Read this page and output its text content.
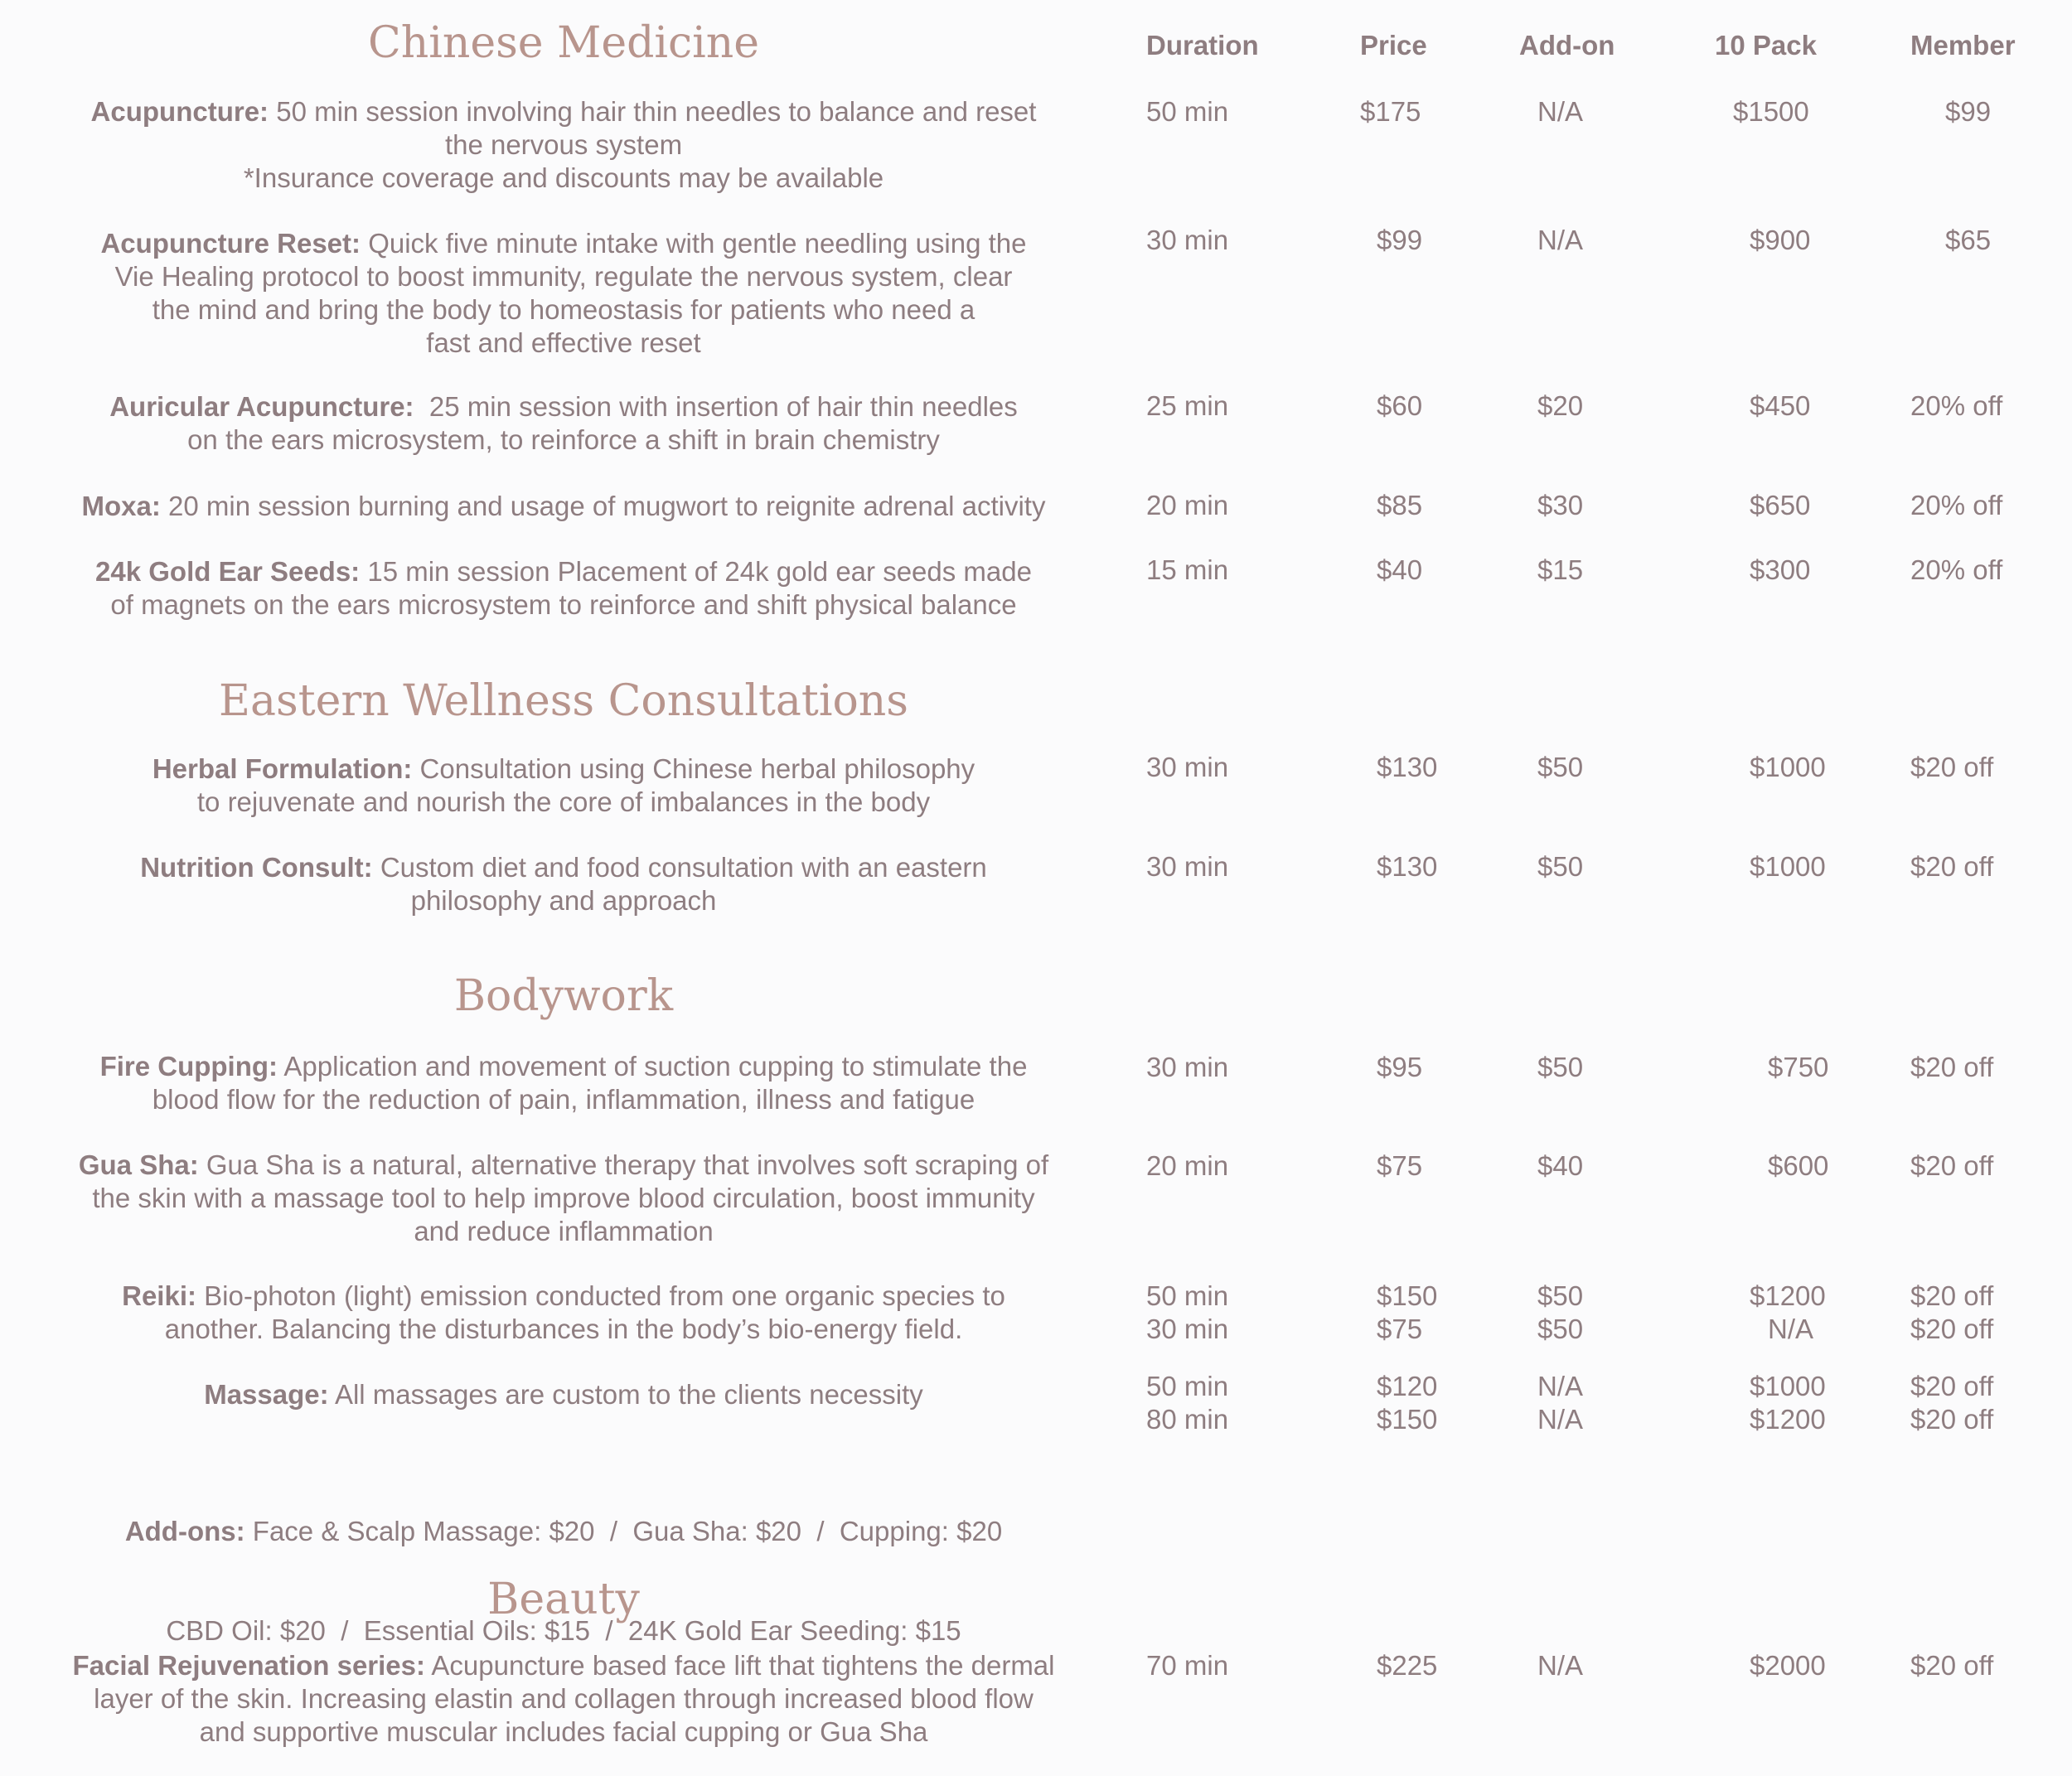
Chinese Medicine
Eastern Wellness Consultations
Bodywork
Beauty
Duration	Price	Add-on	10 Pack	Member
Acupuncture: 50 min session involving hair thin needles to balance and reset
the nervous system
*Insurance coverage and discounts may be available
50 min	$175	N/A	$1500	$99
Acupuncture Reset: Quick five minute intake with gentle needling using the
Vie Healing protocol to boost immunity, regulate the nervous system, clear
the mind and bring the body to homeostasis for patients who need a
fast and effective reset
30 min	$99	N/A	$900	$65
Auricular Acupuncture: 25 min session with insertion of hair thin needles
on the ears microsystem, to reinforce a shift in brain chemistry
25 min	$60	$20	$450	20% off
Moxa: 20 min session burning and usage of mugwort to reignite adrenal activity	20 min	$85	$30	$650	20% off
24k Gold Ear Seeds: 15 min session Placement of 24k gold ear seeds made
of magnets on the ears microsystem to reinforce and shift physical balance
15 min	$40	$15	$300	20% off
Herbal Formulation: Consultation using Chinese herbal philosophy
to rejuvenate and nourish the core of imbalances in the body
30 min	$130	$50	$1000	$20 off
Nutrition Consult: Custom diet and food consultation with an eastern
philosophy and approach
30 min	$130	$50	$1000	$20 off
Fire Cupping: Application and movement of suction cupping to stimulate the
blood flow for the reduction of pain, inflammation, illness and fatigue
30 min	$95	$50	$750	$20 off
Gua Sha: Gua Sha is a natural, alternative therapy that involves soft scraping of
the skin with a massage tool to help improve blood circulation, boost immunity
and reduce inflammation
20 min	$75	$40	$600	$20 off
Reiki: Bio-photon (light) emission conducted from one organic species to
another. Balancing the disturbances in the body’s bio-energy field.
50 min	$150	$50	$1200	$20 off
30 min	$75	$50	N/A	$20 off
Massage: All massages are custom to the clients necessity	50 min	$120	N/A	$1000	$20 off
80 min	$150	N/A	$1200	$20 off

Add-ons: Face & Scalp Massage: $20  /  Gua Sha: $20  /  Cupping: $20

CBD Oil: $20  /  Essential Oils: $15  /  24K Gold Ear Seeding: $15

Facial Rejuvenation series: Acupuncture based face lift that tightens the dermal
layer of the skin. Increasing elastin and collagen through increased blood flow
and supportive muscular includes facial cupping or Gua Sha
70 min	$225	N/A	$2000	$20 off
